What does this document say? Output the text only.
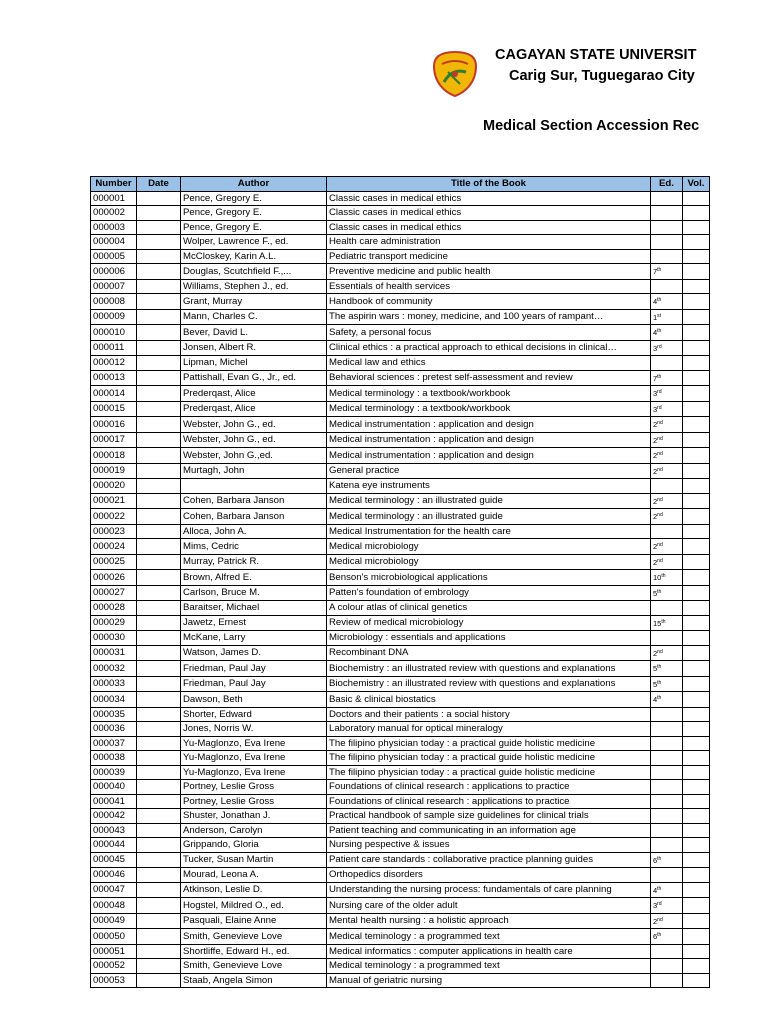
CAGAYAN STATE UNIVERSIT
Carig Sur, Tuguegarao City
Medical Section Accession Rec
Number	Date	Author	Title of the Book	Ed.	Vol.
000001		Pence, Gregory E.	Classic cases in medical ethics		
000002		Pence, Gregory E.	Classic cases in medical ethics		
000003		Pence, Gregory E.	Classic cases in medical ethics		
000004		Wolper, Lawrence F., ed.	Health care administration		
000005		McCloskey, Karin A.L.	Pediatric transport medicine		
000006		Douglas, Scutchfield F.,...	Preventive medicine and public health	7th	
000007		Williams, Stephen J., ed.	Essentials of health services		
000008		Grant, Murray	Handbook of community	4th	
000009		Mann, Charles C.	The aspirin wars : money, medicine, and 100 years of rampant…	1st	
000010		Bever, David L.	Safety, a personal focus	4th	
000011		Jonsen, Albert R.	Clinical ethics : a practical approach to ethical decisions in clinical…	3rd	
000012		Lipman, Michel	Medical law and ethics		
000013		Pattishall, Evan G., Jr., ed.	Behavioral sciences : pretest self-assessment and review	7th	
000014		Prederqast, Alice	Medical terminology : a textbook/workbook	3rd	
000015		Prederqast, Alice	Medical terminology : a textbook/workbook	3rd	
000016		Webster, John G., ed.	Medical instrumentation : application and design	2nd	
000017		Webster, John G., ed.	Medical instrumentation : application and design	2nd	
000018		Webster, John G.,ed.	Medical instrumentation : application and design	2nd	
000019		Murtagh, John	General practice	2nd	
000020			Katena eye instruments		
000021		Cohen, Barbara Janson	Medical terminology : an illustrated guide	2nd	
000022		Cohen, Barbara Janson	Medical terminology : an illustrated guide	2nd	
000023		Alloca, John A.	Medical Instrumentation for the health care		
000024		Mims, Cedric	Medical microbiology	2nd	
000025		Murray, Patrick R.	Medical microbiology	2nd	
000026		Brown, Alfred E.	Benson's microbiological applications	10th	
000027		Carlson, Bruce M.	Patten's foundation of embrology	5th	
000028		Baraitser, Michael	A colour atlas of clinical genetics		
000029		Jawetz, Ernest	Review of medical microbiology	15th	
000030		McKane, Larry	Microbiology : essentials and applications		
000031		Watson, James D.	Recombinant DNA	2nd	
000032		Friedman, Paul Jay	Biochemistry : an illustrated review with questions and explanations	5th	
000033		Friedman, Paul Jay	Biochemistry : an illustrated review with questions and explanations	5th	
000034		Dawson, Beth	Basic & clinical biostatics	4th	
000035		Shorter, Edward	Doctors and their patients : a social history		
000036		Jones, Norris W.	Laboratory manual for optical mineralogy		
000037		Yu-Maglonzo, Eva Irene	The filipino physician today : a practical guide holistic medicine		
000038		Yu-Maglonzo, Eva Irene	The filipino physician today : a practical guide holistic medicine		
000039		Yu-Maglonzo, Eva Irene	The filipino physician today : a practical guide holistic medicine		
000040		Portney, Leslie Gross	Foundations of clinical research : applications to practice		
000041		Portney, Leslie Gross	Foundations of clinical research : applications to practice		
000042		Shuster, Jonathan J.	Practical handbook of sample size guidelines for clinical trials		
000043		Anderson, Carolyn	Patient teaching and communicating in an information age		
000044		Grippando, Gloria	Nursing pespective & issues		
000045		Tucker, Susan Martin	Patient care standards : collaborative practice planning guides	6th	
000046		Mourad, Leona A.	Orthopedics disorders		
000047		Atkinson, Leslie D.	Understanding the nursing process: fundamentals of care planning	4th	
000048		Hogstel, Mildred O., ed.	Nursing care of the older adult	3rd	
000049		Pasquali, Elaine Anne	Mental health nursing : a holistic approach	2nd	
000050		Smith, Genevieve Love	Medical teminology : a programmed text	6th	
000051		Shortliffe, Edward H., ed.	Medical informatics : computer applications in health care		
000052		Smith, Genevieve Love	Medical teminology : a programmed text		
000053		Staab, Angela Simon	Manual of geriatric nursing		
